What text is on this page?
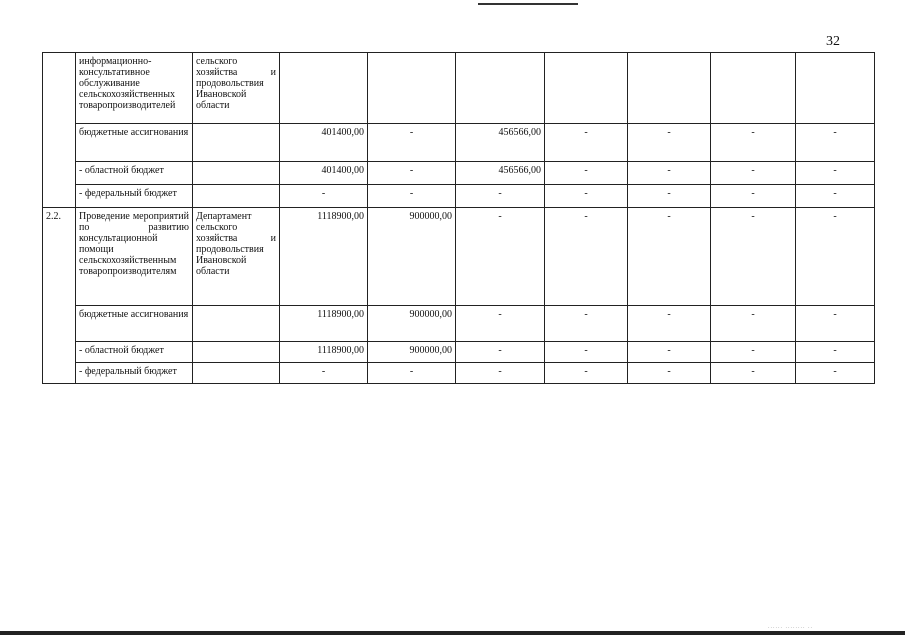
32
	информационно-консультативное обслуживание сельскохозяйственных товаропроизводителей	сельского хозяйства и продовольствия Ивановской области							
	бюджетные ассигнования		401400,00	-	456566,00	-	-	-	-
	- областной бюджет		401400,00	-	456566,00	-	-	-	-
	- федеральный бюджет		-	-	-	-	-	-	-
2.2.	Проведение мероприятий по развитию консультационной помощи сельскохозяйственным товаропроизводителям	Департамент сельского хозяйства и продовольствия Ивановской области	1118900,00	900000,00	-	-	-	-	-
	бюджетные ассигнования		1118900,00	900000,00	-	-	-	-	-
	- областной бюджет		1118900,00	900000,00	-	-	-	-	-
	- федеральный бюджет		-	-	-	-	-	-	-
...... ........ ..
